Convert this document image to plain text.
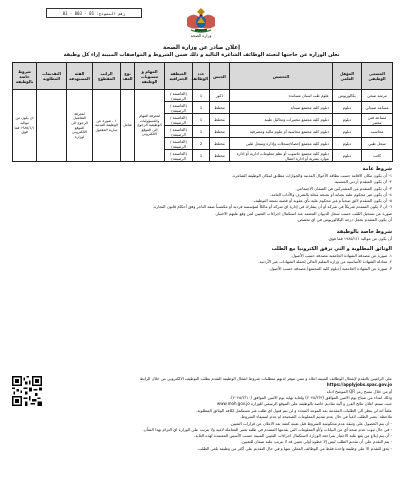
01 - 003 - 01 :رقم النموذج
وزارة الصحة
إعلان صادر عن وزارة الصحة
تعلن الوزارة عن حاجتها لتعبئة الوظائف الشاغرة التالية و ذلك ضمن الشروط و المواصفات المبينة إزاء كل وظيفة
المسمى الوظيفي	المؤهل العلمي	التخصص	الجنس	عدد الوظائف	المنطقة الجغرافية	المهام و مستويات الوظيفة	نوع العقد	الراتب المقطوع	الفئة المستهدفة	التقديمات المطلوبة	شروط خاصة بالوظيفة
مرشد صحي	بكالوريوس	علوم طب اسنان مساندة	ذكور	1	(العاصمة / الرصيفة)	لمعرفة المهام والمسؤوليات الوظيفية الرجوع إلى الموقع الالكتروني	شامل	١ - صورة عن الوظيفة المدنية سارية المفعول	لمعرفة التفاصيل الرجوع الى الموقع الالكتروني لوزارة		ان يكون من مواليد ١٩٨٥/١/١ فما فوق
مساعد صيدلي	دبلوم	دبلوم كلية مجتمع صيدلة	مختلط	1	(العاصمة / الرصيفة)						
مساعد فني مختبر	دبلوم	دبلوم كلية مجتمع مختبرات وتحاليل طبية	مختلط	1	(العاصمة / الرصيفة)						
محاسب	دبلوم	دبلوم كلية مجتمع محاسبة أو علوم مالية ومصرفية	مختلط	1	(العاصمة / الرصيفة)						
سجل طبي	دبلوم	دبلوم كلية مجتمع إحصاء/سجلات وإدارة وسجل طبي	مختلط	2	(العاصمة / الرصيفة)						
كاتب	دبلوم	دبلوم كلية مجتمع حاسوب أو نظم معلومات ادارية أو ادارة موارد بشرية أو ادارة اعمال	مختلط	1	(العاصمة / الرصيفة)						
شروط عامة
١- أن يكون مكان الاقامة حسب بطاقة الأحوال المدنية والجوازات مطابق لمكان الوظيفة الشاغرة.
٢- أن يكون المتقدم أردني الجنسية.
٣- أن يكون المتقدم من المشتركين في الضمان الاجتماعي.
٤- أن يكون غير محكوم عليه بجناية أو بجنحة مخلة بالشرف والآداب العامة.
٥- أن يكون المتقدم لائق صحياً و غير محكوم عليه بأي عقوبة أو قضية تمنعه التوظيف.
٦- أن لا يكون المتقدم شريكاً في شركة أو أن يشارك في إدارة اي شركة أو مالكاً لمؤسسة فردية أو مكتسباً صفة التاجر وفق أحكام قانون التجارة.
صورة عن تسجيل اللقب حسب سجل الديوان المعتمد عند استكمال اجراءات التعيين لمن وقع عليهم الاختيار.
أن يكون المتقدم يحمل درجة البكالوريوس في اي تخصص.
شروط خاصة بالوظيفة
أن يكون من مواليد ١٩٨٥/١/١ فما فوق.
الوثائق المطلوبة و التي ترفق الكترونيا مع الطلب
١. صورة عن مصدقة الشهادة الجامعية مصدقة حسب الأصول.
٢. معادلة الشهادة الأساسية من وزارة التعليم العالي لحملة الشهادات غير الأردنية.
٣. صورة عن الشهادة الجامعية (دبلوم كلية المجتمع) مصدقة حسب الأصول.
على الراغبين بالتقدم لإشغال الوظائف المبينة اعلاه و ممن تتوفر لديهم متطلبات شروط اشغال الوظيفة التقدم بطلب التوظيف الالكتروني من خلال الرابط
https://applyjobs.spac.gov.jo
أو من خلال مسح رمز QR الموضح ادناه
وذلك ابتداء من صباح يوم الاثنين الموافق (٢٠٢٥/٢/٣) ولغاية نهاية يوم الاثنين الموافق (٢٠٢٥/٢/١٠).
حيث سيتم اعلان نتائج الفرز و آلية تقاديم خاصة بالوظيفة على الموقع الرسمي للوزارة www.moh.gov.jo
علماً انه لن ينظر الى الطلبات المقدمة بعد الموعد المحدد و لن يتم قبول اي طلب غير مستكمل لكافة الوثائق المطلوبة.
ملاحظة: يعتبر الطلب لاغياً في حال عدم تقديم المعلومات الصحيحة او عدم استيفاء الشروط.
- أن يتم الحصول على وثيقة عدم محكومية الشروط قبل تعينه كعقد بعد الاعلان عن قرارات التعيين.
- في حال ثبوت عدم صحة أي من البيانات و/أو المعلومات التي يقدمها المتقدم في طلبه تعتبر المعاملة لاغية ولا يترتب على الوزارة اي التزام بهذا الشأن.
- أن يتم إبلاغ من يقع عليه الاختيار بمراجعة الوزارة لاستكمال اجراءات التعيين المبينة حسب الأسس المعتمدة لهذه الغاية.
- يتم التقدم على أن تقديم الطلب ليس إلا خطوة أولى تعيين قد لا يترتب عليه ضمان للتعيين.
- يحق للتقدم الا على وظيفة واحدة فقط من الوظائف المعلن عنها و في حال التقديم على أكثر من وظيفة يلغى الطلب.
